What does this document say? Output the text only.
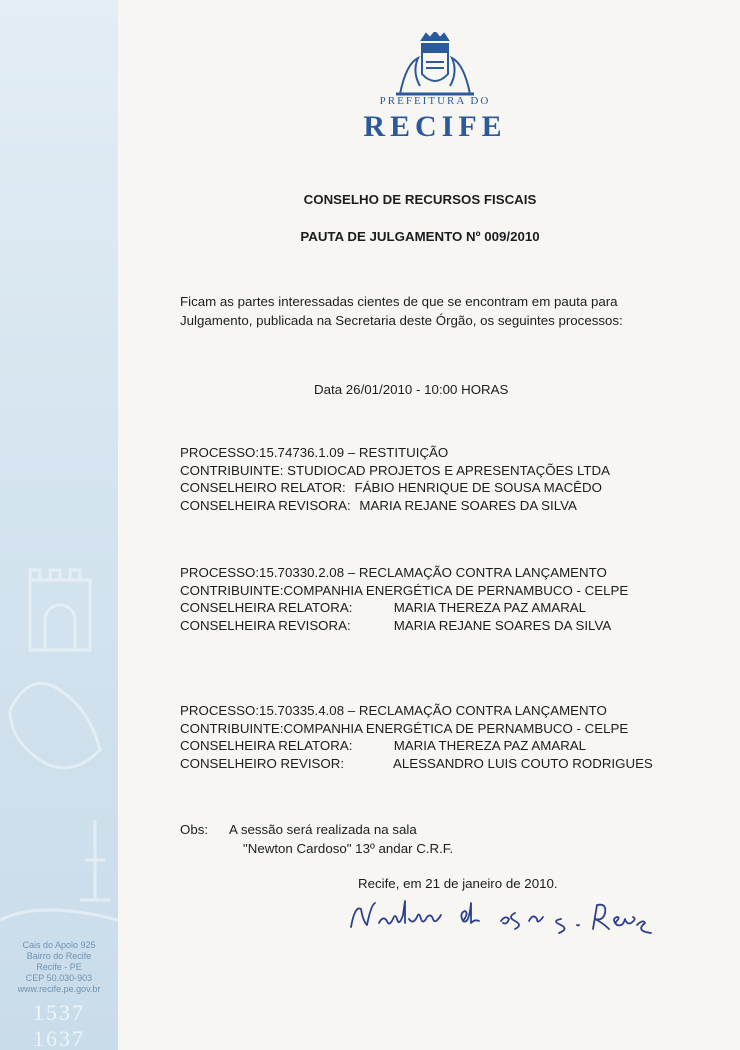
Cais do Apolo 925
Bairro do Recife
Recife - PE
CEP 50.030-903
www.recife.pe.gov.br
1537 1637
PREFEITURA DO
RECIFE
CONSELHO DE RECURSOS FISCAIS
PAUTA DE JULGAMENTO Nº 009/2010
Ficam as partes interessadas cientes de que se encontram em pauta para
Julgamento, publicada na Secretaria deste Órgão, os seguintes processos:
Data 26/01/2010 - 10:00 HORAS
PROCESSO:15.74736.1.09 – RESTITUIÇÃO
CONTRIBUINTE: STUDIOCAD PROJETOS E APRESENTAÇÕES LTDA
CONSELHEIRO RELATOR: FÁBIO HENRIQUE DE SOUSA MACÊDO
CONSELHEIRA REVISORA: MARIA REJANE SOARES DA SILVA
PROCESSO:15.70330.2.08 – RECLAMAÇÃO CONTRA LANÇAMENTO
CONTRIBUINTE:COMPANHIA ENERGÉTICA DE PERNAMBUCO - CELPE
CONSELHEIRA RELATORA:	MARIA THEREZA PAZ AMARAL
CONSELHEIRA REVISORA:	MARIA REJANE SOARES DA SILVA
PROCESSO:15.70335.4.08 – RECLAMAÇÃO CONTRA LANÇAMENTO
CONTRIBUINTE:COMPANHIA ENERGÉTICA DE PERNAMBUCO - CELPE
CONSELHEIRA RELATORA:	MARIA THEREZA PAZ AMARAL
CONSELHEIRO REVISOR:	ALESSANDRO LUIS COUTO RODRIGUES
Obs: A sessão será realizada na sala
"Newton Cardoso" 13º andar C.R.F.
Recife, em 21 de janeiro de 2010.
